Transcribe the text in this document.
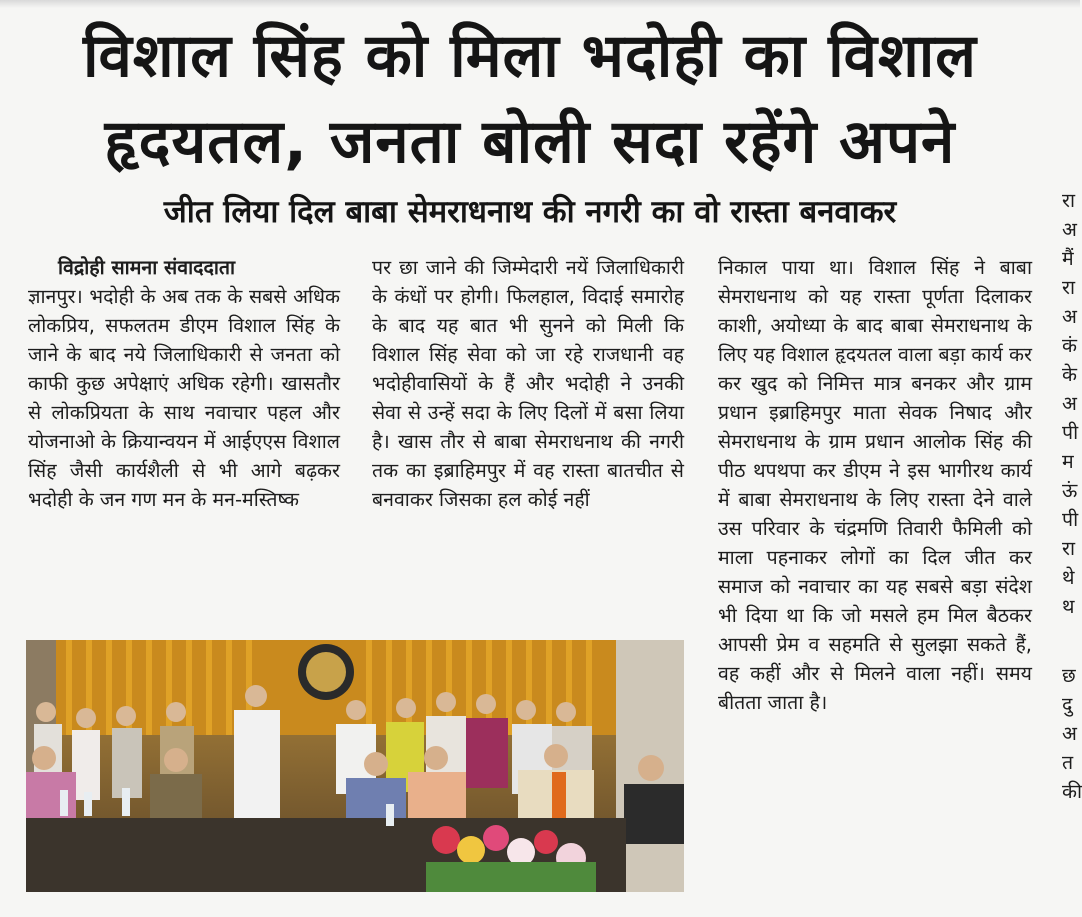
विशाल सिंह को मिला भदोही का विशाल
हृदयतल, जनता बोली सदा रहेंगे अपने
जीत लिया दिल बाबा सेमराधनाथ की नगरी का वो रास्ता बनवाकर
विद्रोही सामना संवाददाता

ज्ञानपुर। भदोही के अब तक के सबसे अधिक लोकप्रिय, सफलतम डीएम विशाल सिंह के जाने के बाद नये जिलाधिकारी से जनता को काफी कुछ अपेक्षाएं अधिक रहेगी। खासतौर से लोकप्रियता के साथ नवाचार पहल और योजनाओ के क्रियान्वयन में आईएएस विशाल सिंह जैसी कार्यशैली से भी आगे बढ़कर भदोही के जन गण मन के मन-मस्तिष्क

पर छा जाने की जिम्मेदारी नयें जिलाधिकारी के कंधों पर होगी। फिलहाल, विदाई समारोह के बाद यह बात भी सुनने को मिली कि विशाल सिंह सेवा को जा रहे राजधानी वह भदोहीवासियों के हैं और भदोही ने उनकी सेवा से उन्हें सदा के लिए दिलों में बसा लिया है। खास तौर से बाबा सेमराधनाथ की नगरी तक का इब्राहिमपुर में वह रास्ता बातचीत से बनवाकर जिसका हल कोई नहीं

निकाल पाया था। विशाल सिंह ने बाबा सेमराधनाथ को यह रास्ता पूर्णता दिलाकर काशी, अयोध्या के बाद बाबा सेमराधनाथ के लिए यह विशाल हृदयतल वाला बड़ा कार्य कर कर खुद को निमित्त मात्र बनकर और ग्राम प्रधान इब्राहिमपुर माता सेवक निषाद और सेमराधनाथ के ग्राम प्रधान आलोक सिंह की पीठ थपथपा कर डीएम ने इस भागीरथ कार्य में बाबा सेमराधनाथ के लिए रास्ता देने वाले उस परिवार के चंद्रमणि तिवारी फैमिली को माला पहनाकर लोगों का दिल जीत कर समाज को नवाचार का यह सबसे बड़ा संदेश भी दिया था कि जो मसले हम मिल बैठकर आपसी प्रेम व सहमति से सुलझा सकते हैं, वह कहीं और से मिलने वाला नहीं। समय बीतता जाता है।

रा
अ
मैं
रा
अ
कं
के
अ
पी
म
ऊं
पी
रा
थे
थ
छ
दु
अ
त
की
